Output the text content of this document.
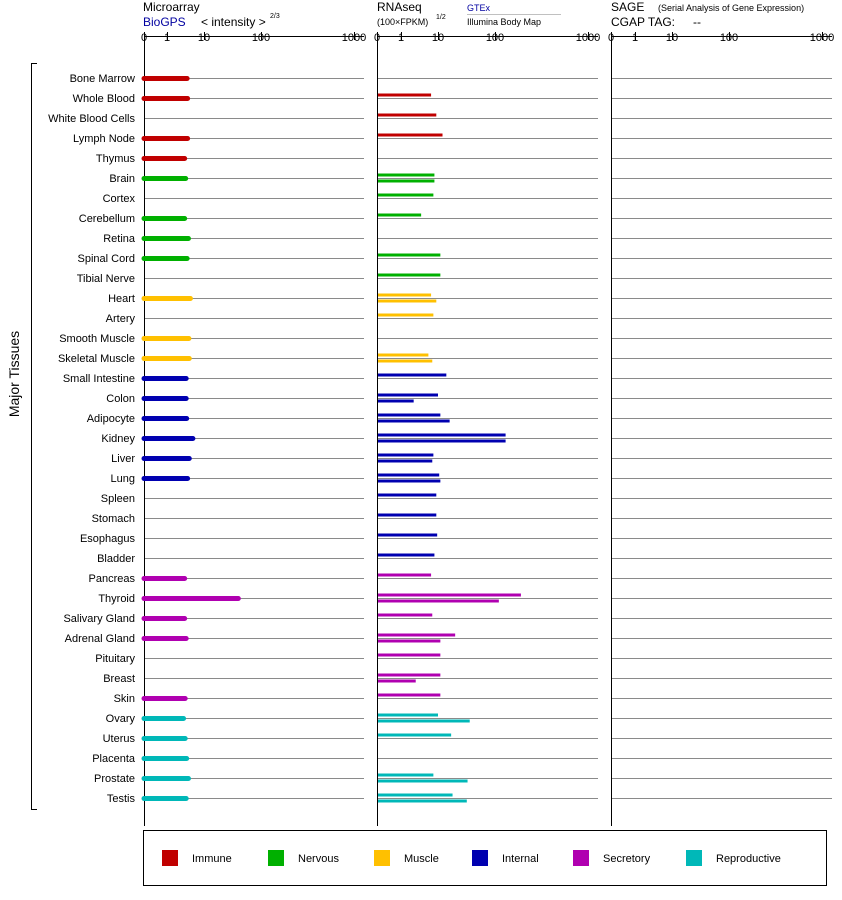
Microarray
BioGPS < intensity > 2/3
RNAseq
(100×FPKM) 1/2
GTEx
Illumina Body Map
SAGE (Serial Analysis of Gene Expression)
CGAP TAG: --
Major Tissues
0 1	10	100	1000 0 1	10	100	1000 0 1	10	100	1000
Bone Marrow
Whole Blood
White Blood Cells
Lymph Node
Thymus
Brain
Cortex
Cerebellum
Retina
Spinal Cord
Tibial Nerve
Heart
Artery
Smooth Muscle
Skeletal Muscle
Small Intestine
Colon
Adipocyte
Kidney
Liver
Lung
Spleen
Stomach
Esophagus
Bladder
Pancreas
Thyroid
Salivary Gland
Adrenal Gland
Pituitary
Breast
Skin
Ovary
Uterus
Placenta
Prostate
Testis
Immune	Nervous	Muscle	Internal	Secretory	Reproductive
